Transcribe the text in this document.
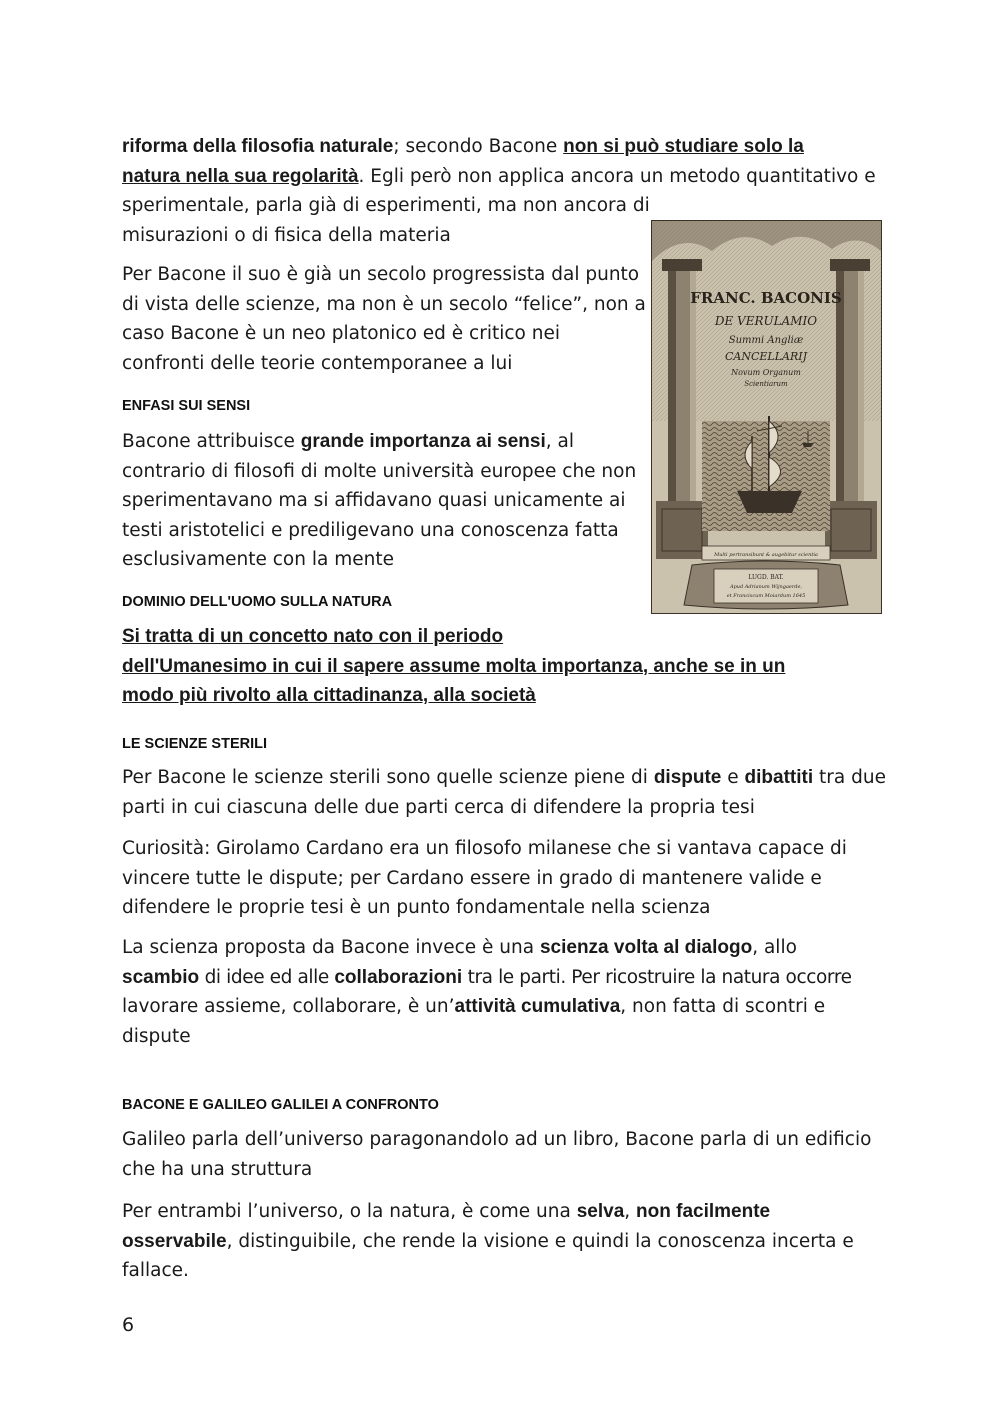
riforma della filosofia naturale; secondo Bacone non si può studiare solo la
natura nella sua regolarità. Egli però non applica ancora un metodo quantitativo e
sperimentale, parla già di esperimenti, ma non ancora di
misurazioni o di fisica della materia

Per Bacone il suo è già un secolo progressista dal punto
di vista delle scienze, ma non è un secolo “felice”, non a
caso Bacone è un neo platonico ed è critico nei
confronti delle teorie contemporanee a lui

ENFASI SUI SENSI

Bacone attribuisce grande importanza ai sensi, al
contrario di filosofi di molte università europee che non
sperimentavano ma si affidavano quasi unicamente ai
testi aristotelici e prediligevano una conoscenza fatta
esclusivamente con la mente

DOMINIO DELL'UOMO SULLA NATURA

Si tratta di un concetto nato con il periodo
dell'Umanesimo in cui il sapere assume molta importanza, anche se in un
modo più rivolto alla cittadinanza, alla società

LE SCIENZE STERILI

Per Bacone le scienze sterili sono quelle scienze piene di dispute e dibattiti tra due
parti in cui ciascuna delle due parti cerca di difendere la propria tesi

Curiosità: Girolamo Cardano era un filosofo milanese che si vantava capace di
vincere tutte le dispute; per Cardano essere in grado di mantenere valide e
difendere le proprie tesi è un punto fondamentale nella scienza

La scienza proposta da Bacone invece è una scienza volta al dialogo, allo
scambio di idee ed alle collaborazioni tra le parti. Per ricostruire la natura occorre
lavorare assieme, collaborare, è un’attività cumulativa, non fatta di scontri e
dispute

BACONE E GALILEO GALILEI A CONFRONTO

Galileo parla dell’universo paragonandolo ad un libro, Bacone parla di un edificio
che ha una struttura

Per entrambi l’universo, o la natura, è come una selva, non facilmente
osservabile, distinguibile, che rende la visione e quindi la conoscenza incerta e
fallace.

6

FRANC. BACONIS
DE VERULAMIO
Summi Angliæ
CANCELLARIJ
Novum Organum
Scientiarum
Multi pertransibunt & augebitur scientia
LUGD. BAT.
Apud Adrianum Wijngaerde,
et Franciscum Moiardum 1645
